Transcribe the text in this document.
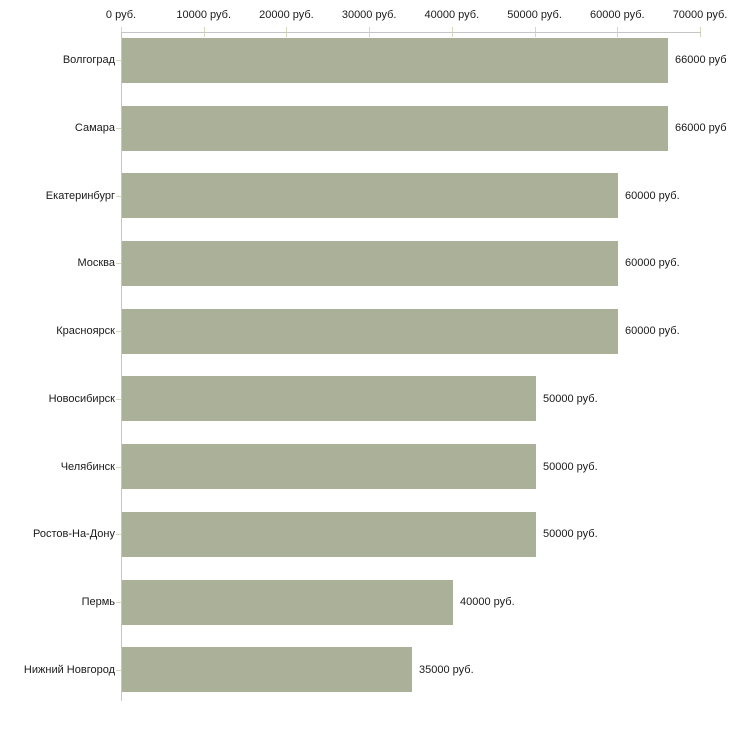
0 руб.	10000 руб.	20000 руб.	30000 руб.	40000 руб.	50000 руб.	60000 руб.	70000 руб.
Волгоград	66000 руб
Самара	66000 руб
Екатеринбург	60000 руб.
Москва	60000 руб.
Красноярск	60000 руб.
Новосибирск	50000 руб.
Челябинск	50000 руб.
Ростов-На-Дону	50000 руб.
Пермь	40000 руб.
Нижний Новгород	35000 руб.
